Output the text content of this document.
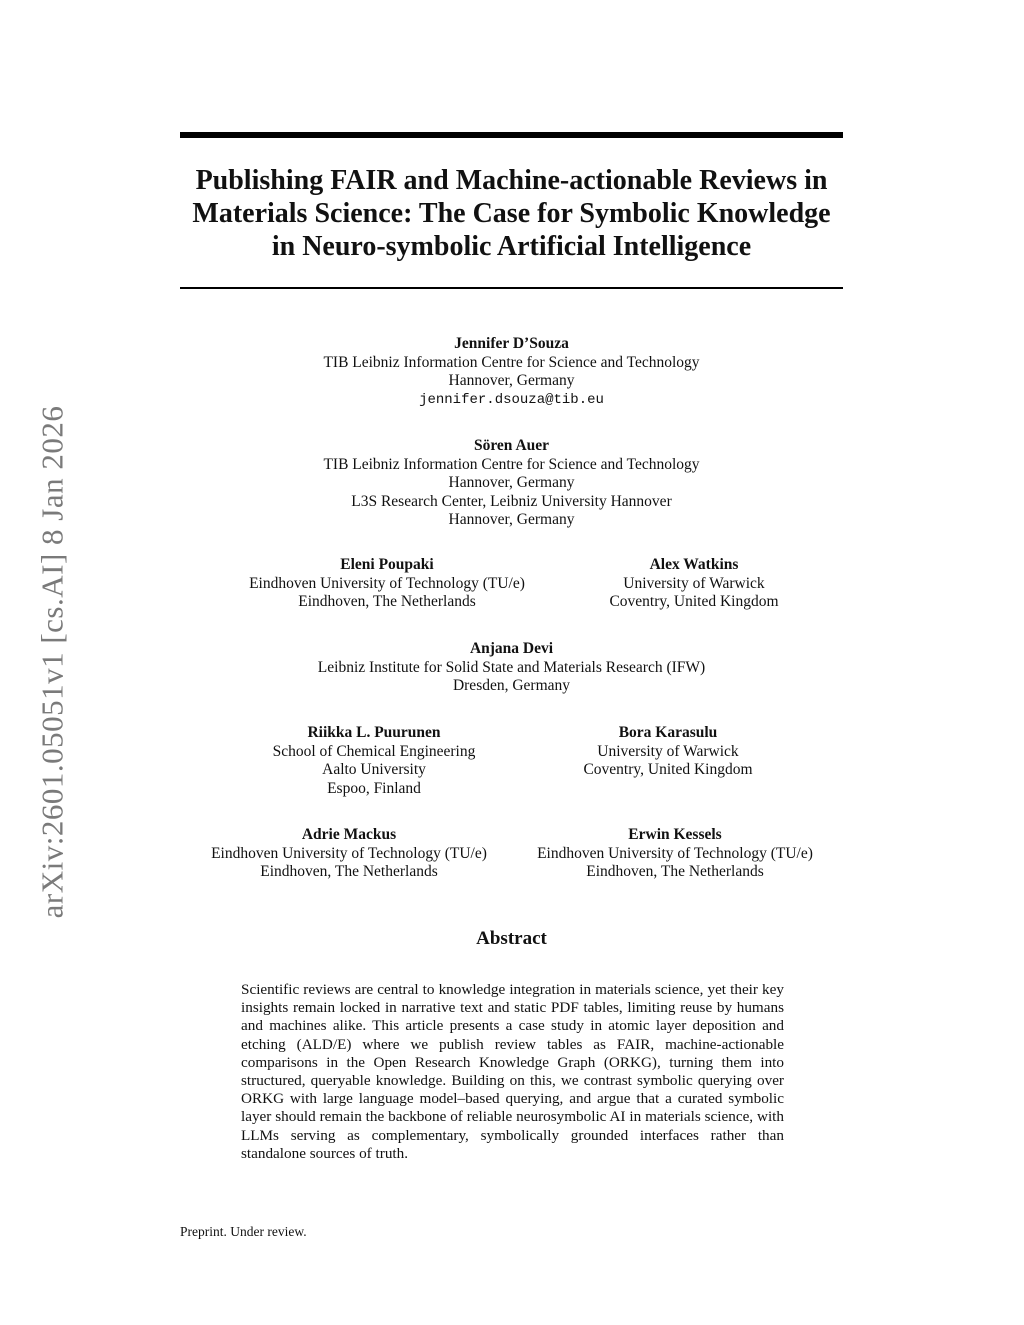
arXiv:2601.05051v1 [cs.AI] 8 Jan 2026
Publishing FAIR and Machine-actionable Reviews in Materials Science: The Case for Symbolic Knowledge in Neuro-symbolic Artificial Intelligence
Jennifer D’Souza
TIB Leibniz Information Centre for Science and Technology
Hannover, Germany
jennifer.dsouza@tib.eu
Sören Auer
TIB Leibniz Information Centre for Science and Technology
Hannover, Germany
L3S Research Center, Leibniz University Hannover
Hannover, Germany
Eleni Poupaki
Eindhoven University of Technology (TU/e)
Eindhoven, The Netherlands
Alex Watkins
University of Warwick
Coventry, United Kingdom
Anjana Devi
Leibniz Institute for Solid State and Materials Research (IFW)
Dresden, Germany
Riikka L. Puurunen
School of Chemical Engineering
Aalto University
Espoo, Finland
Bora Karasulu
University of Warwick
Coventry, United Kingdom
Adrie Mackus
Eindhoven University of Technology (TU/e)
Eindhoven, The Netherlands
Erwin Kessels
Eindhoven University of Technology (TU/e)
Eindhoven, The Netherlands
Abstract

Scientific reviews are central to knowledge integration in materials science, yet their key insights remain locked in narrative text and static PDF tables, limiting reuse by humans and machines alike. This article presents a case study in atomic layer deposition and etching (ALD/E) where we publish review tables as FAIR, machine-actionable comparisons in the Open Research Knowledge Graph (ORKG), turning them into structured, queryable knowledge. Building on this, we contrast symbolic querying over ORKG with large language model–based querying, and argue that a curated symbolic layer should remain the backbone of reliable neurosymbolic AI in materials science, with LLMs serving as complementary, symbolically grounded interfaces rather than standalone sources of truth.

Preprint. Under review.
